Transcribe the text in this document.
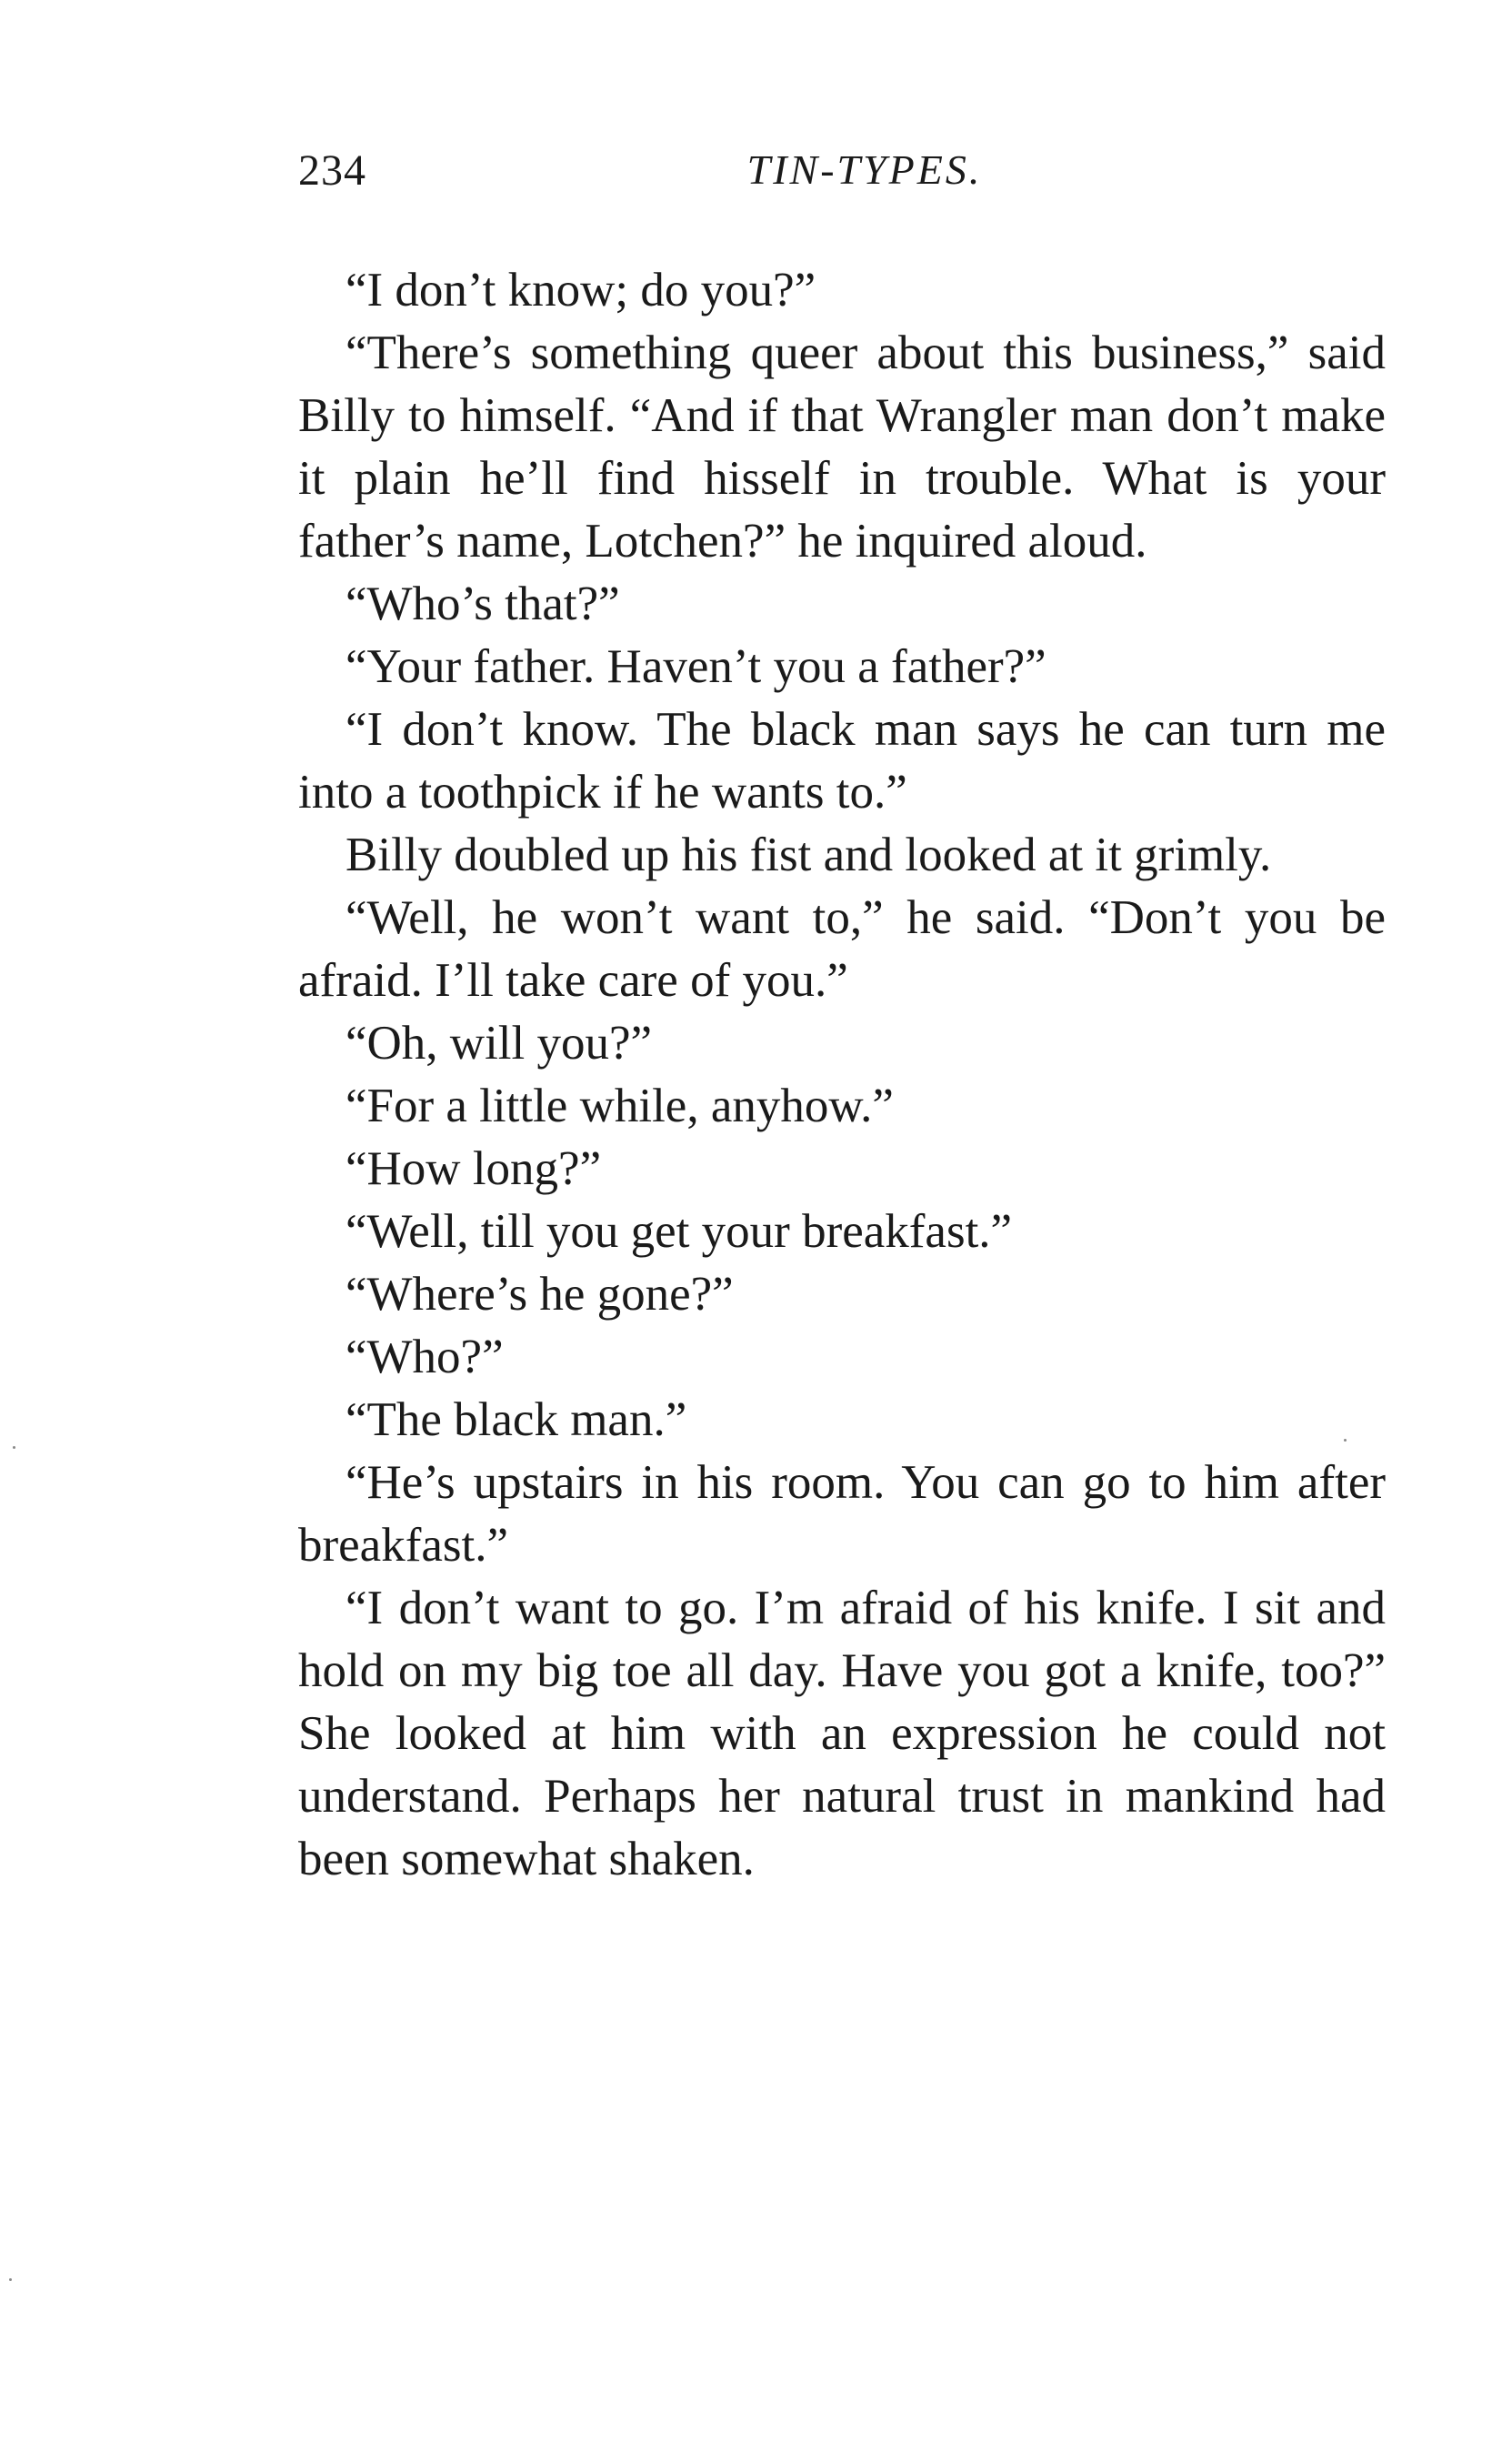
234	TIN-TYPES.

“I don’t know; do you?”

“There’s something queer about this business,” said Billy to himself. “And if that Wrangler man don’t make it plain he’ll find hisself in trouble. What is your father’s name, Lotchen?” he inquired aloud.

“Who’s that?”

“Your father. Haven’t you a father?”

“I don’t know. The black man says he can turn me into a toothpick if he wants to.”

Billy doubled up his fist and looked at it grimly.

“Well, he won’t want to,” he said. “Don’t you be afraid. I’ll take care of you.”

“Oh, will you?”

“For a little while, anyhow.”

“How long?”

“Well, till you get your breakfast.”

“Where’s he gone?”

“Who?”

“The black man.”

“He’s upstairs in his room. You can go to him after breakfast.”

“I don’t want to go. I’m afraid of his knife. I sit and hold on my big toe all day. Have you got a knife, too?” She looked at him with an expression he could not understand. Perhaps her natural trust in mankind had been somewhat shaken.
